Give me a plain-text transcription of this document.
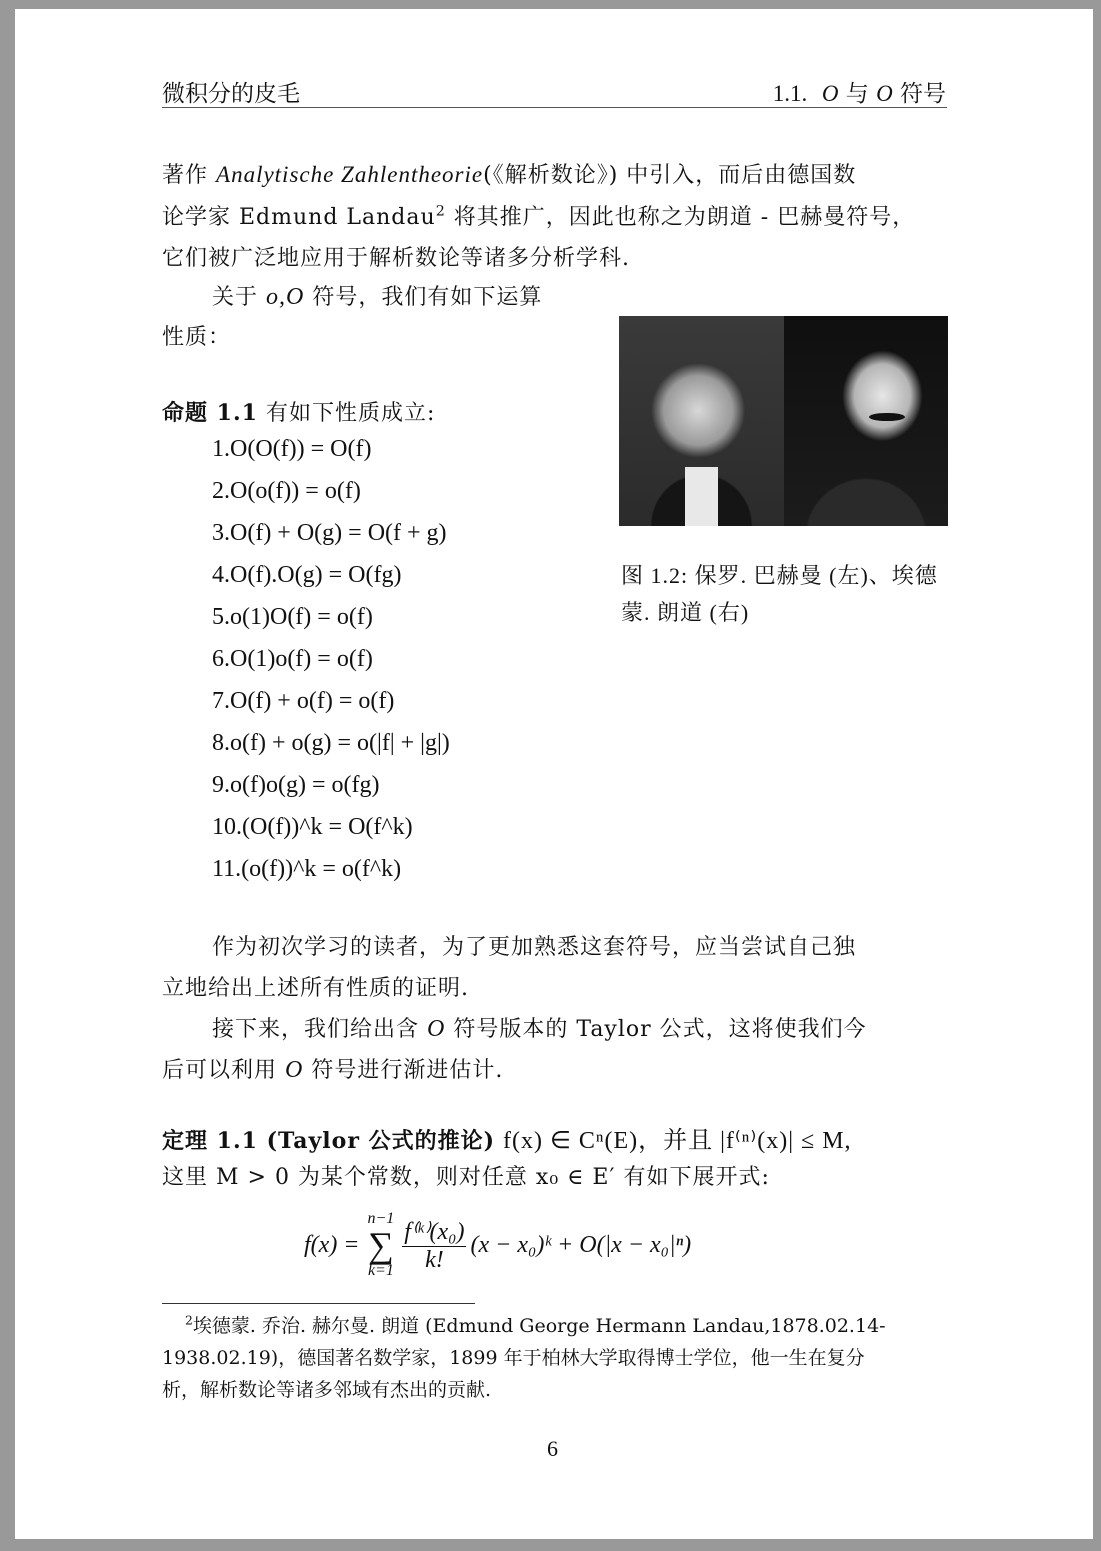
微积分的皮毛	1.1. O 与 O 符号
著作 Analytische Zahlentheorie(《解析数论》) 中引入，而后由德国数
论学家 Edmund Landau$^2$ 将其推广，因此也称之为朗道 - 巴赫曼符号，
它们被广泛地应用于解析数论等诸多分析学科.
关于 o,O 符号，我们有如下运算
性质：
命题 1.1 有如下性质成立:
1.O(O(f)) = O(f)
2.O(o(f)) = o(f)
3.O(f) + O(g) = O(f + g)
4.O(f).O(g) = O(fg)
5.o(1)O(f) = o(f)
6.O(1)o(f) = o(f)
7.O(f) + o(f) = o(f)
8.o(f) + o(g) = o(|f| + |g|)
9.o(f)o(g) = o(fg)
10.(O(f))^k = O(f^k)
11.(o(f))^k = o(f^k)
图 1.2: 保罗. 巴赫曼 (左)、埃德
蒙. 朗道 (右)
作为初次学习的读者，为了更加熟悉这套符号，应当尝试自己独
立地给出上述所有性质的证明.
接下来，我们给出含 O 符号版本的 Taylor 公式，这将使我们今
后可以利用 O 符号进行渐进估计.
定理 1.1 (Taylor 公式的推论) f(x) ∈ Cⁿ(E)，并且 |f⁽ⁿ⁾(x)| ≤ M,
这里 M > 0 为某个常数，则对任意 x₀ ∈ E′ 有如下展开式:
f(x) =
n−1
∑
$k=1 \frac{\text{f⁽ᵏ⁾(x₀)}}{k!} (x$ − x₀)ᵏ + O(|x − x₀|ⁿ)
$^2$埃德蒙. 乔治. 赫尔曼. 朗道 (Edmund George Hermann Landau,1878.02.14-
1938.02.19)，德国著名数学家，1899 年于柏林大学取得博士学位，他一生在复分
析，解析数论等诸多邻域有杰出的贡献.
6
